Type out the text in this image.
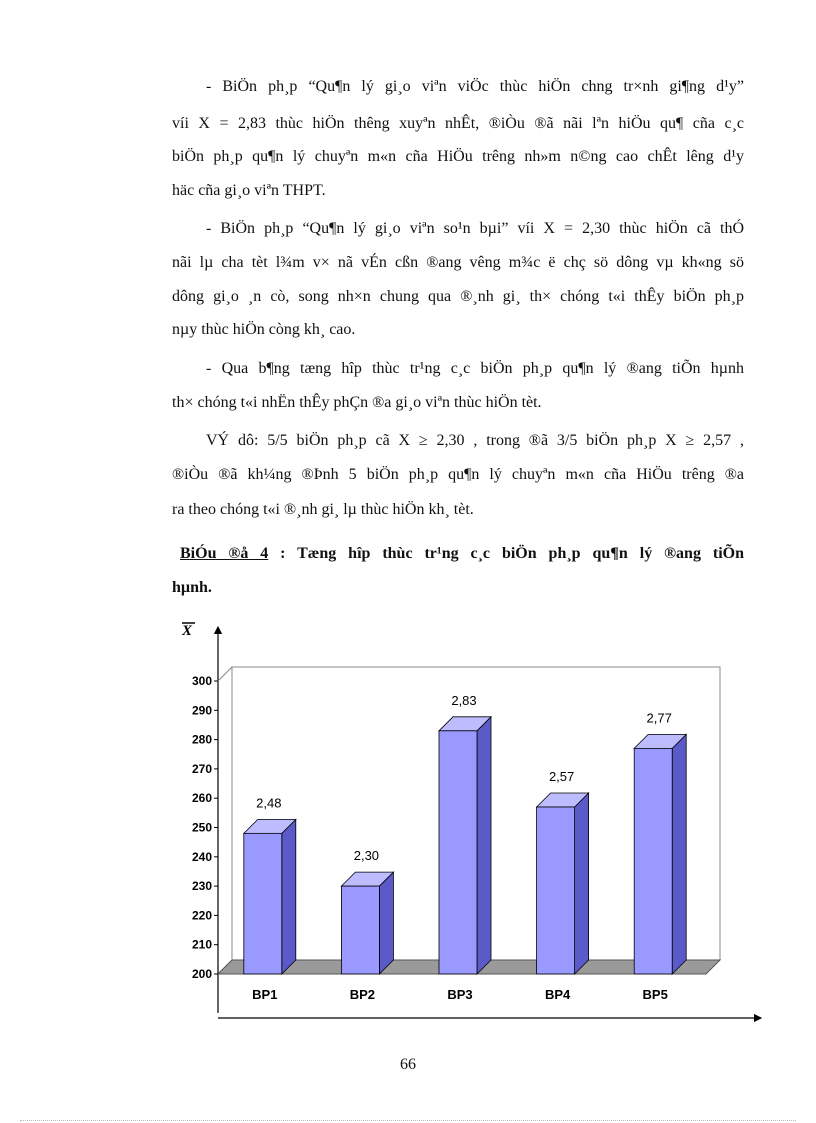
- BiÖn ph¸p “Qu¶n lý gi¸o viªn viÖc thùc hiÖn chng tr×nh gi¶ng d¹y”
víi X = 2,83 thùc hiÖn thêng xuyªn nhÊt, ®iÒu ®ã nãi lªn hiÖu qu¶ cña c¸c
biÖn ph¸p qu¶n lý chuyªn m«n cña HiÖu trêng nh»m n©ng cao chÊt lêng d¹y
häc cña gi¸o viªn THPT.
- BiÖn ph¸p “Qu¶n lý gi¸o viªn so¹n bµi” víi X = 2,30 thùc hiÖn cã thÓ
nãi lµ cha tèt l¾m v× nã vÉn cßn ®ang vêng m¾c ë chç sö dông vµ kh«ng sö
dông gi¸o ¸n cò, song nh×n chung qua ®¸nh gi¸ th× chóng t«i thÊy biÖn ph¸p
nµy thùc hiÖn còng kh¸ cao.
- Qua b¶ng tæng hîp thùc tr¹ng c¸c biÖn ph¸p qu¶n lý ®ang tiÕn hµnh
th× chóng t«i nhËn thÊy phÇn ®a gi¸o viªn thùc hiÖn tèt.
VÝ dô: 5/5 biÖn ph¸p cã X ≥ 2,30 , trong ®ã 3/5 biÖn ph¸p X ≥ 2,57 ,
®iÒu ®ã kh¼ng ®Þnh 5 biÖn ph¸p qu¶n lý chuyªn m«n cña HiÖu trêng ®a
ra theo chóng t«i ®¸nh gi¸ lµ thùc hiÖn kh¸ tèt.
BiÓu ®å 4 : Tæng hîp thùc tr¹ng c¸c biÖn ph¸p qu¶n lý ®ang tiÕn
hµnh.
X
200
210
220
230
240
250
260
270
280
290
300
2,48
BP1
2,30
BP2
2,83
BP3
2,57
BP4
2,77
BP5
66
